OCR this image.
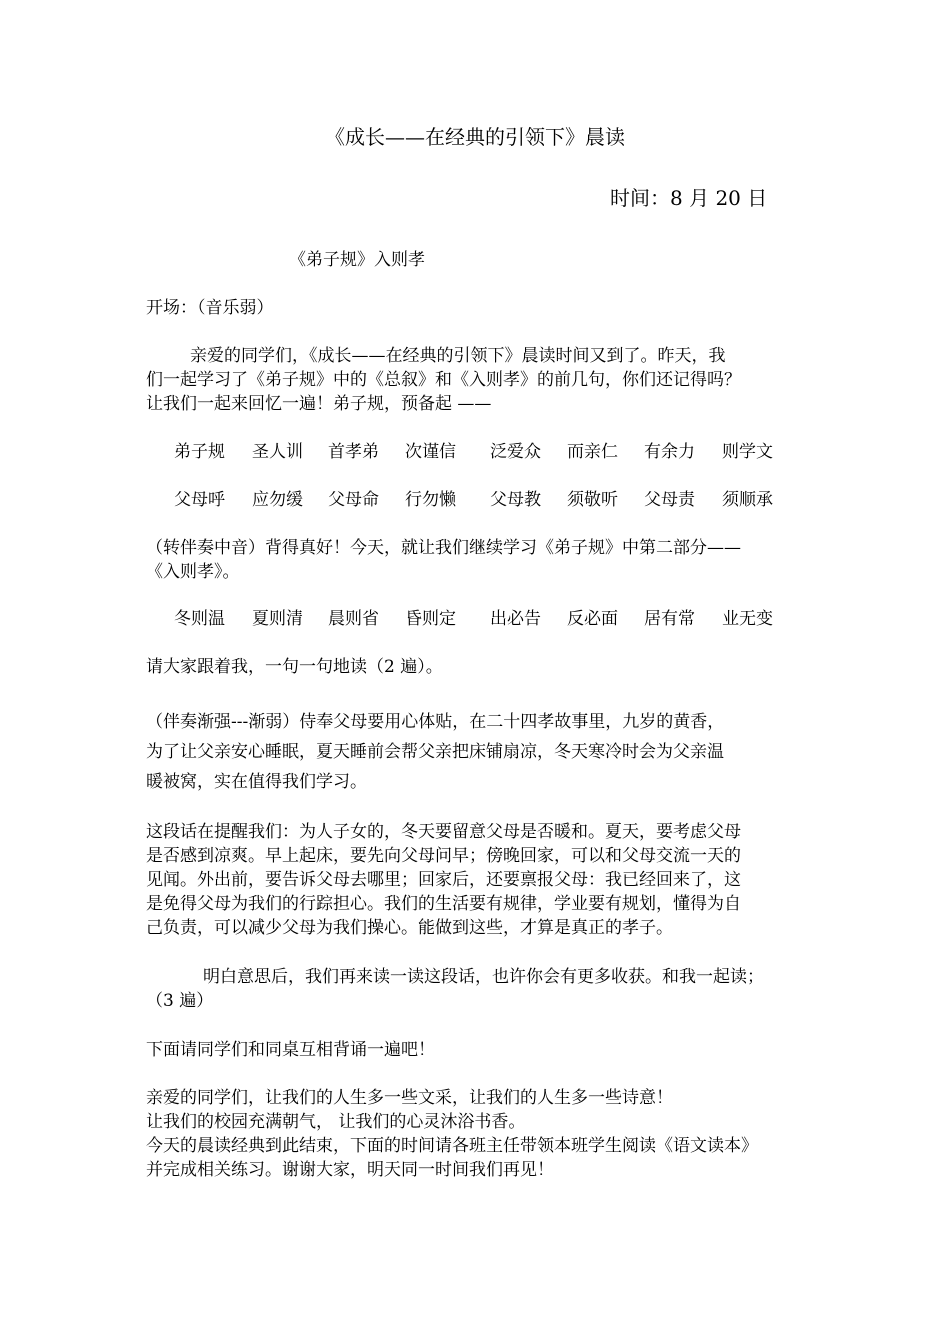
《成长——在经典的引领下》晨读
时间：8 月 20 日
《弟子规》入则孝
开场：（音乐弱）
亲爱的同学们，《成长——在经典的引领下》晨读时间又到了。昨天，我
们一起学习了《弟子规》中的《总叙》和《入则孝》的前几句，你们还记得吗？
让我们一起来回忆一遍！弟子规，预备起 ——
弟子规 圣人训 首孝弟 次谨信 泛爱众 而亲仁 有余力 则学文
父母呼 应勿缓 父母命 行勿懒 父母教 须敬听 父母责 须顺承
（转伴奏中音）背得真好！今天，就让我们继续学习《弟子规》中第二部分——
《入则孝》。
冬则温 夏则清 晨则省 昏则定 出必告 反必面 居有常 业无变
请大家跟着我，一句一句地读（2 遍）。
（伴奏渐强---渐弱）侍奉父母要用心体贴，在二十四孝故事里，九岁的黄香，
为了让父亲安心睡眠，夏天睡前会帮父亲把床铺扇凉，冬天寒冷时会为父亲温
暖被窝，实在值得我们学习。
这段话在提醒我们：为人子女的，冬天要留意父母是否暖和。夏天，要考虑父母
是否感到凉爽。早上起床，要先向父母问早；傍晚回家，可以和父母交流一天的
见闻。外出前，要告诉父母去哪里；回家后，还要禀报父母：我已经回来了，这
是免得父母为我们的行踪担心。我们的生活要有规律，学业要有规划，懂得为自
己负责，可以减少父母为我们操心。能做到这些，才算是真正的孝子。
明白意思后，我们再来读一读这段话，也许你会有更多收获。和我一起读；
（3 遍）
下面请同学们和同桌互相背诵一遍吧！
亲爱的同学们，让我们的人生多一些文采，让我们的人生多一些诗意！
让我们的校园充满朝气， 让我们的心灵沐浴书香。
今天的晨读经典到此结束，下面的时间请各班主任带领本班学生阅读《语文读本》
并完成相关练习。谢谢大家，明天同一时间我们再见！
